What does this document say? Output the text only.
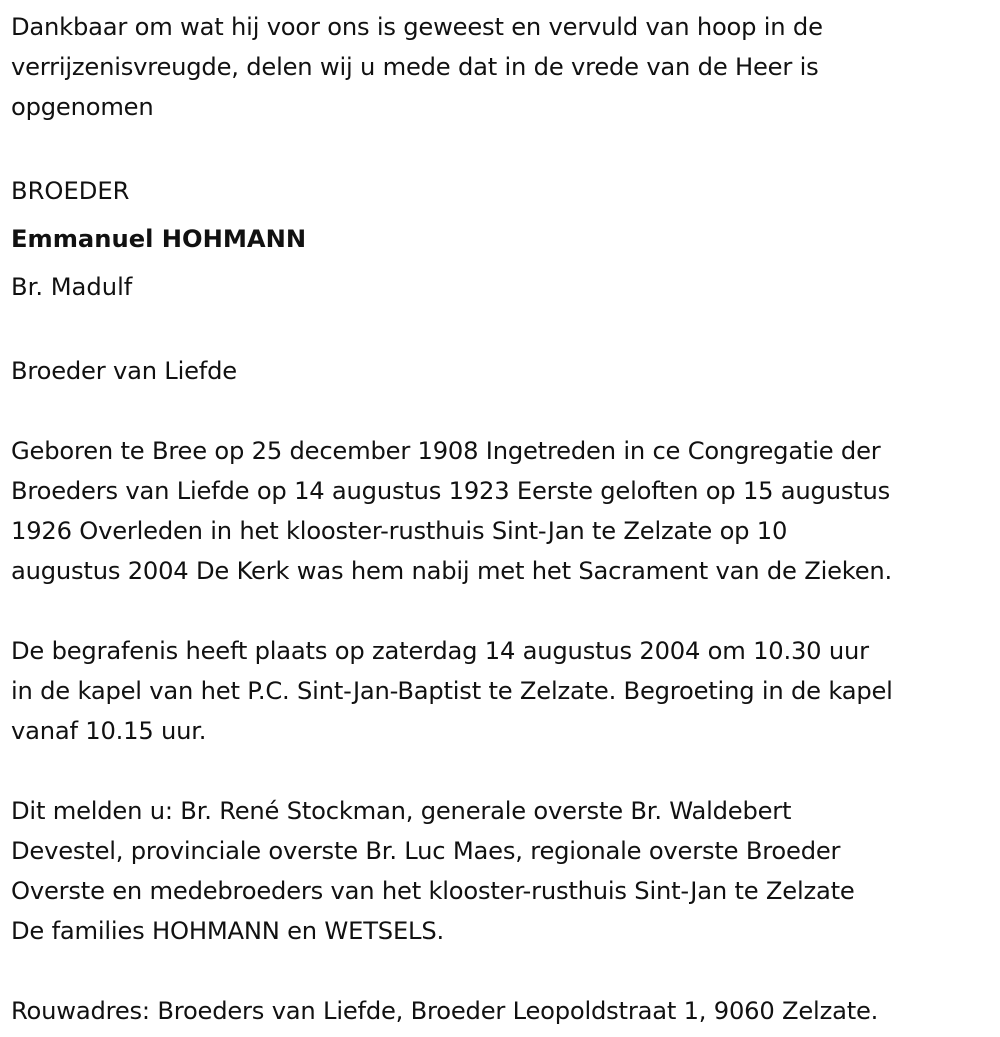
Dankbaar om wat hij voor ons is geweest en vervuld van hoop in de
verrijzenisvreugde, delen wij u mede dat in de vrede van de Heer is
opgenomen

BROEDER

Emmanuel HOHMANN

Br. Madulf

Broeder van Liefde

Geboren te Bree op 25 december 1908 Ingetreden in ce Congregatie der
Broeders van Liefde op 14 augustus 1923 Eerste geloften op 15 augustus
1926 Overleden in het klooster-rusthuis Sint-Jan te Zelzate op 10
augustus 2004 De Kerk was hem nabij met het Sacrament van de Zieken.

De begrafenis heeft plaats op zaterdag 14 augustus 2004 om 10.30 uur
in de kapel van het P.C. Sint-Jan-Baptist te Zelzate. Begroeting in de kapel
vanaf 10.15 uur.

Dit melden u: Br. René Stockman, generale overste Br. Waldebert
Devestel, provinciale overste Br. Luc Maes, regionale overste Broeder
Overste en medebroeders van het klooster-rusthuis Sint-Jan te Zelzate
De families HOHMANN en WETSELS.

Rouwadres: Broeders van Liefde, Broeder Leopoldstraat 1, 9060 Zelzate.
